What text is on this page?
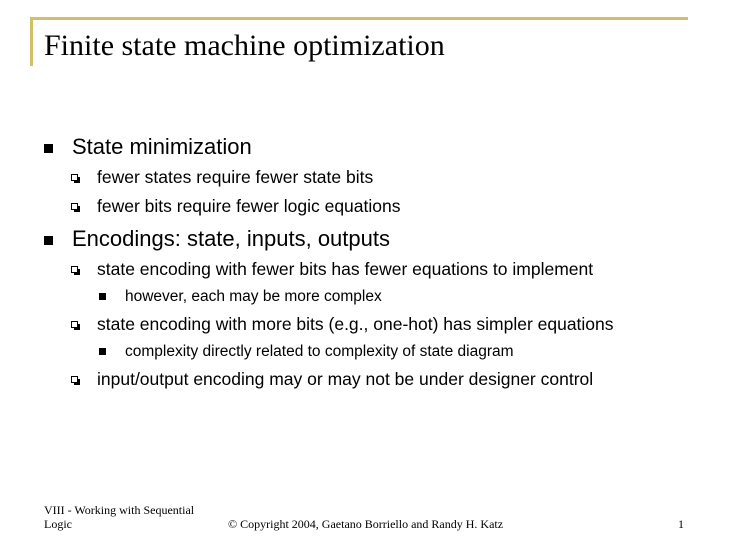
Finite state machine optimization
State minimization
fewer states require fewer state bits
fewer bits require fewer logic equations
Encodings: state, inputs, outputs
state encoding with fewer bits has fewer equations to implement
however, each may be more complex
state encoding with more bits (e.g., one-hot) has simpler equations
complexity directly related to complexity of state diagram
input/output encoding may or may not be under designer control
VIII - Working with Sequential
Logic	© Copyright 2004, Gaetano Borriello and Randy H. Katz	1
